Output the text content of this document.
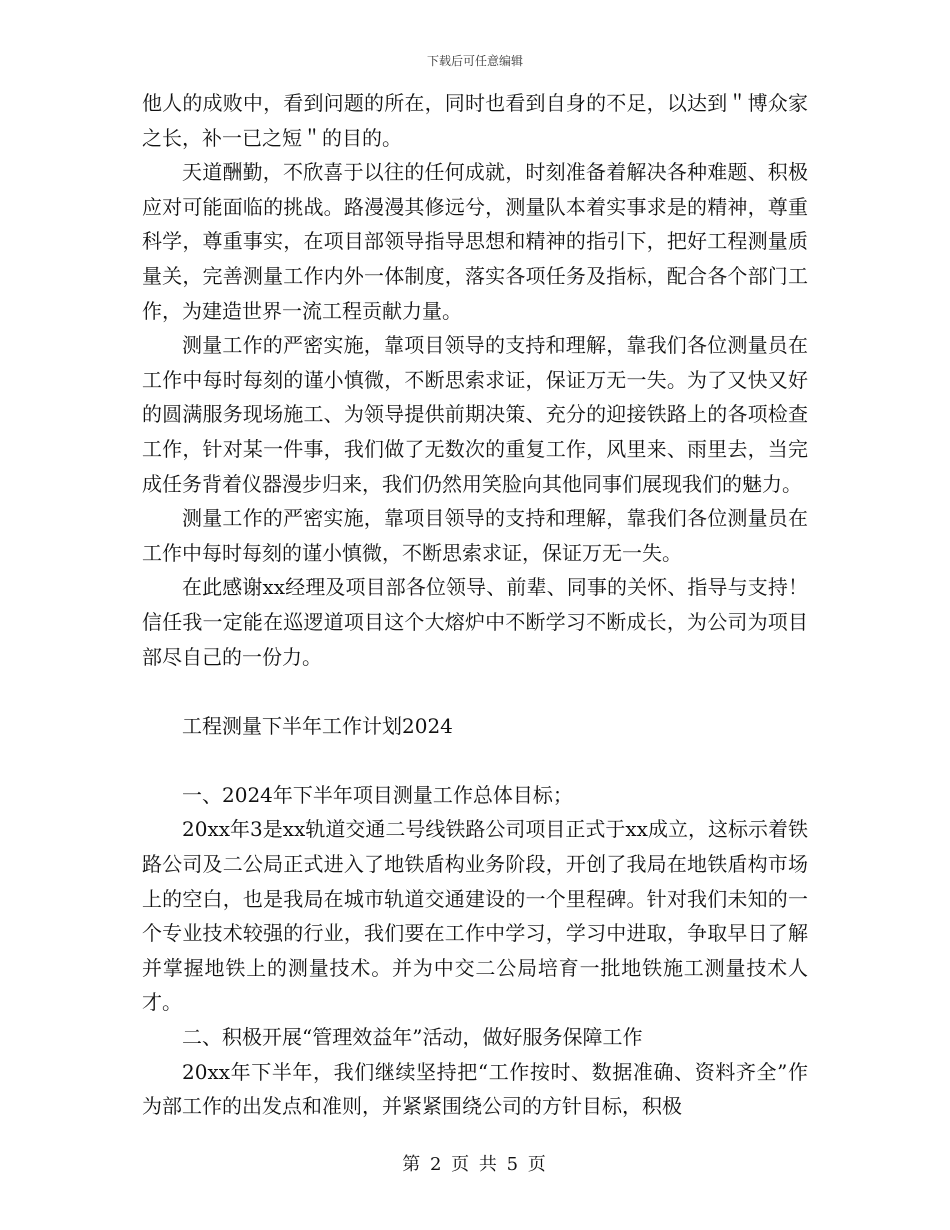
下载后可任意编辑

他人的成败中，看到问题的所在，同时也看到自身的不足，以达到＂博众家之长，补一已之短＂的目的。

天道酬勤，不欣喜于以往的任何成就，时刻准备着解决各种难题、积极应对可能面临的挑战。路漫漫其修远兮，测量队本着实事求是的精神，尊重科学，尊重事实，在项目部领导指导思想和精神的指引下，把好工程测量质量关，完善测量工作内外一体制度，落实各项任务及指标，配合各个部门工作，为建造世界一流工程贡献力量。

测量工作的严密实施，靠项目领导的支持和理解，靠我们各位测量员在工作中每时每刻的谨小慎微，不断思索求证，保证万无一失。为了又快又好的圆满服务现场施工、为领导提供前期决策、充分的迎接铁路上的各项检查工作，针对某一件事，我们做了无数次的重复工作，风里来、雨里去，当完成任务背着仪器漫步归来，我们仍然用笑脸向其他同事们展现我们的魅力。

测量工作的严密实施，靠项目领导的支持和理解，靠我们各位测量员在工作中每时每刻的谨小慎微，不断思索求证，保证万无一失。

在此感谢xx经理及项目部各位领导、前辈、同事的关怀、指导与支持！信任我一定能在巡逻道项目这个大熔炉中不断学习不断成长，为公司为项目部尽自己的一份力。

工程测量下半年工作计划2024

一、2024年下半年项目测量工作总体目标；

20xx年3是xx轨道交通二号线铁路公司项目正式于xx成立，这标示着铁路公司及二公局正式进入了地铁盾构业务阶段，开创了我局在地铁盾构市场上的空白，也是我局在城市轨道交通建设的一个里程碑。针对我们未知的一个专业技术较强的行业，我们要在工作中学习，学习中进取，争取早日了解并掌握地铁上的测量技术。并为中交二公局培育一批地铁施工测量技术人才。

二、积极开展“管理效益年”活动，做好服务保障工作

20xx年下半年，我们继续坚持把“工作按时、数据准确、资料齐全”作为部工作的出发点和准则，并紧紧围绕公司的方针目标，积极

第 2 页 共 5 页
